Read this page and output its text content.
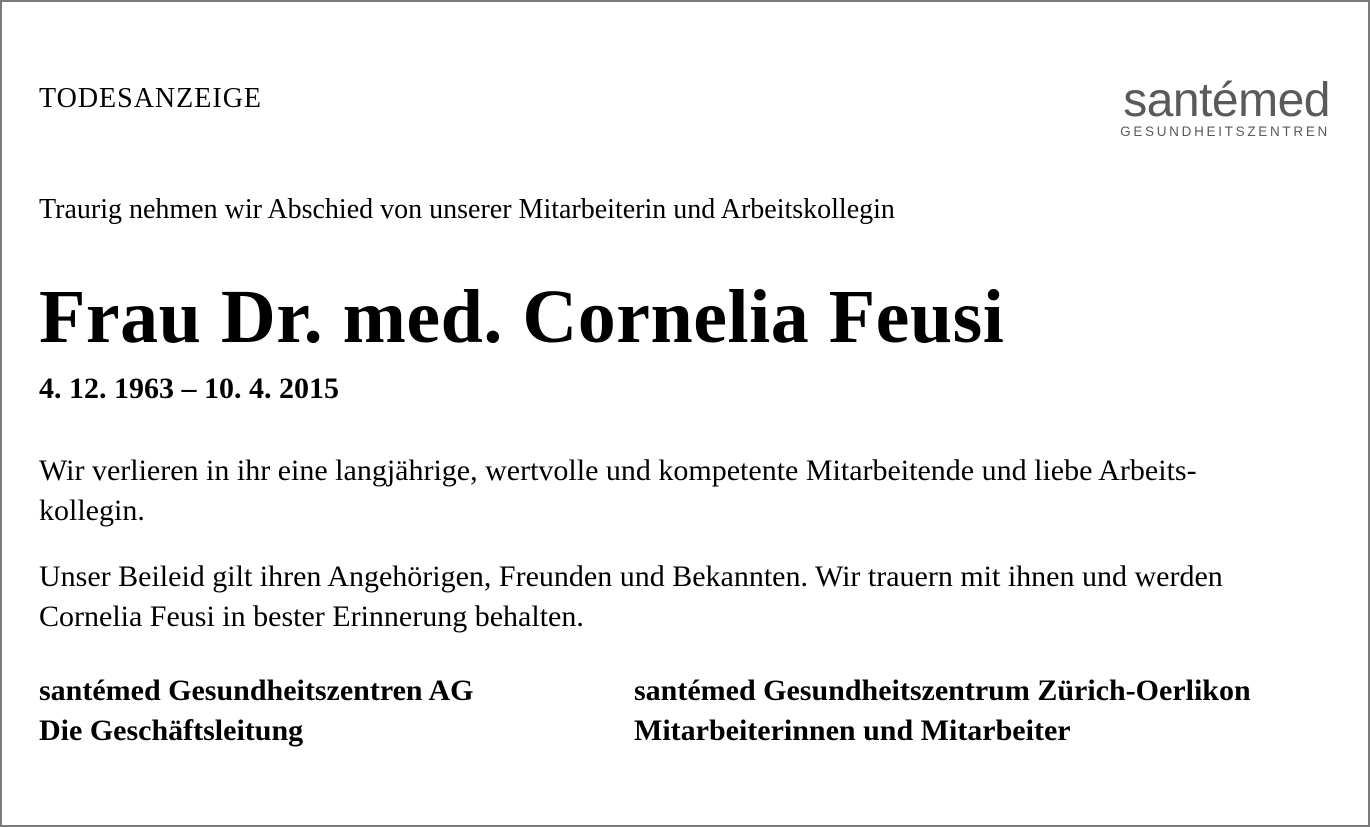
TODESANZEIGE	santémed
GESUNDHEITSZENTREN
Traurig nehmen wir Abschied von unserer Mitarbeiterin und Arbeitskollegin
Frau Dr. med. Cornelia Feusi
4. 12. 1963 – 10. 4. 2015
Wir verlieren in ihr eine langjährige, wertvolle und kompetente Mitarbeitende und liebe Arbeits-
kollegin.
Unser Beileid gilt ihren Angehörigen, Freunden und Bekannten. Wir trauern mit ihnen und werden
Cornelia Feusi in bester Erinnerung behalten.
santémed Gesundheitszentren AG
Die Geschäftsleitung
santémed Gesundheitszentrum Zürich-Oerlikon
Mitarbeiterinnen und Mitarbeiter
